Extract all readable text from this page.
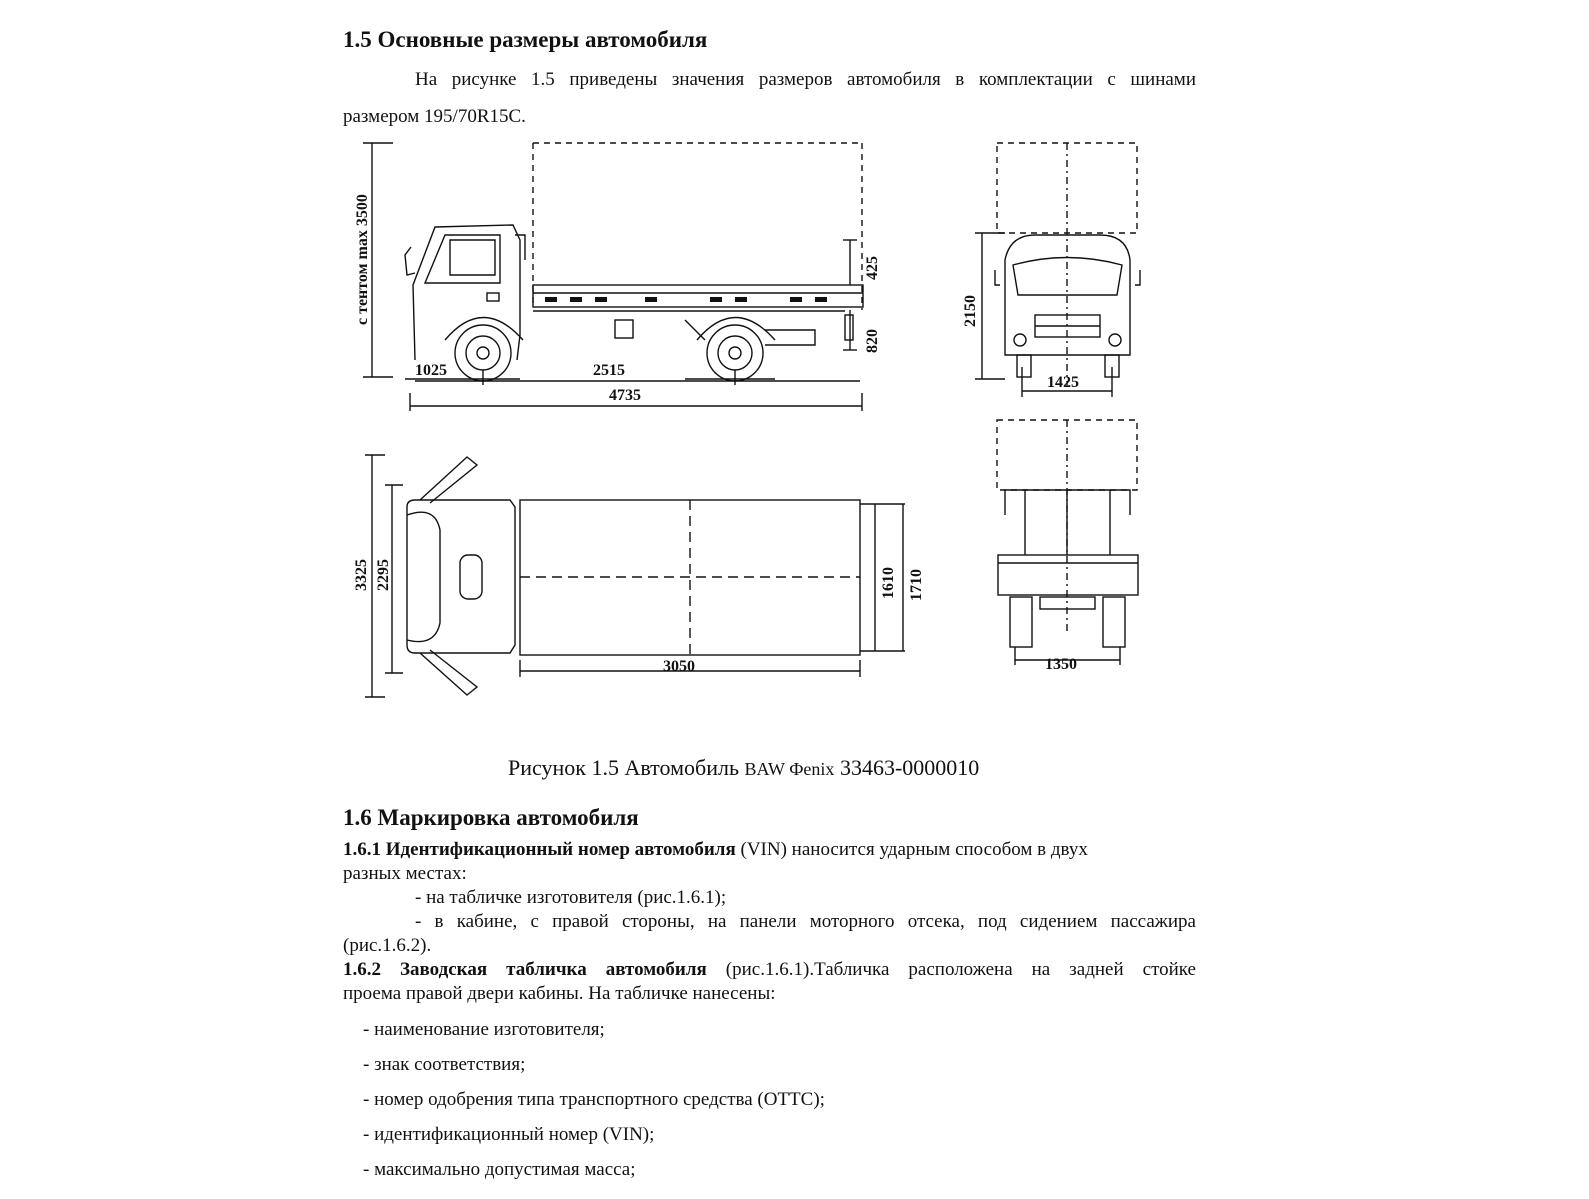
1.5 Основные размеры автомобиля
На рисунке 1.5 приведены значения размеров автомобиля в комплектации с шинами
размером 195/70R15C.
с тентом max 3500
1025	2515
4735
425
820
2150
1425
3325 2295
3050
1610 1710
1350
Рисунок 1.5 Автомобиль BAW Фenix 33463-0000010
1.6 Маркировка автомобиля
1.6.1 Идентификационный номер автомобиля (VIN) наносится ударным способом в двух
разных местах:
- на табличке изготовителя (рис.1.6.1);
- в кабине, с правой стороны, на панели моторного отсека, под сидением пассажира
(рис.1.6.2).
1.6.2 Заводская табличка автомобиля (рис.1.6.1).Табличка расположена на задней стойке
проема правой двери кабины. На табличке нанесены:
- наименование изготовителя;
- знак соответствия;
- номер одобрения типа транспортного средства (ОТТС);
- идентификационный номер (VIN);
- максимально допустимая масса;
